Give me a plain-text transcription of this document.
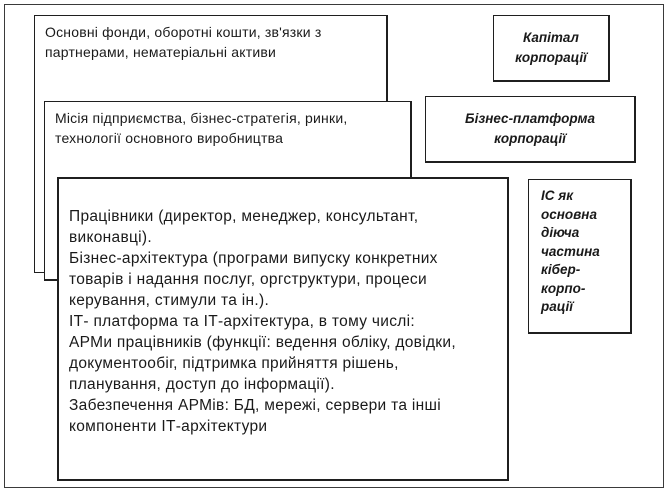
Основні фонди, оборотні кошти, зв'язки з партнерами, нематеріальні активи

Місія підприємства, бізнес-стратегія, ринки, технології основного виробництва

Працівники (директор, менеджер, консультант,
виконавці).

Бізнес-архітектура (програми випуску конкретних
товарів і надання послуг, оргструктури, процеси
керування, стимули та ін.).

ІТ- платформа та ІТ-архітектура, в тому числі:

АРМи працівників (функції: ведення обліку, довідки,
документообіг, підтримка прийняття рішень,
планування, доступ до інформації).

Забезпечення АРМів: БД, мережі, сервери та інші
компоненти ІТ-архітектури

Капітал
корпорації
Бізнес-платформа
корпорації
ІС як
основна
діюча
частина
кібер-
корпо-
рації
